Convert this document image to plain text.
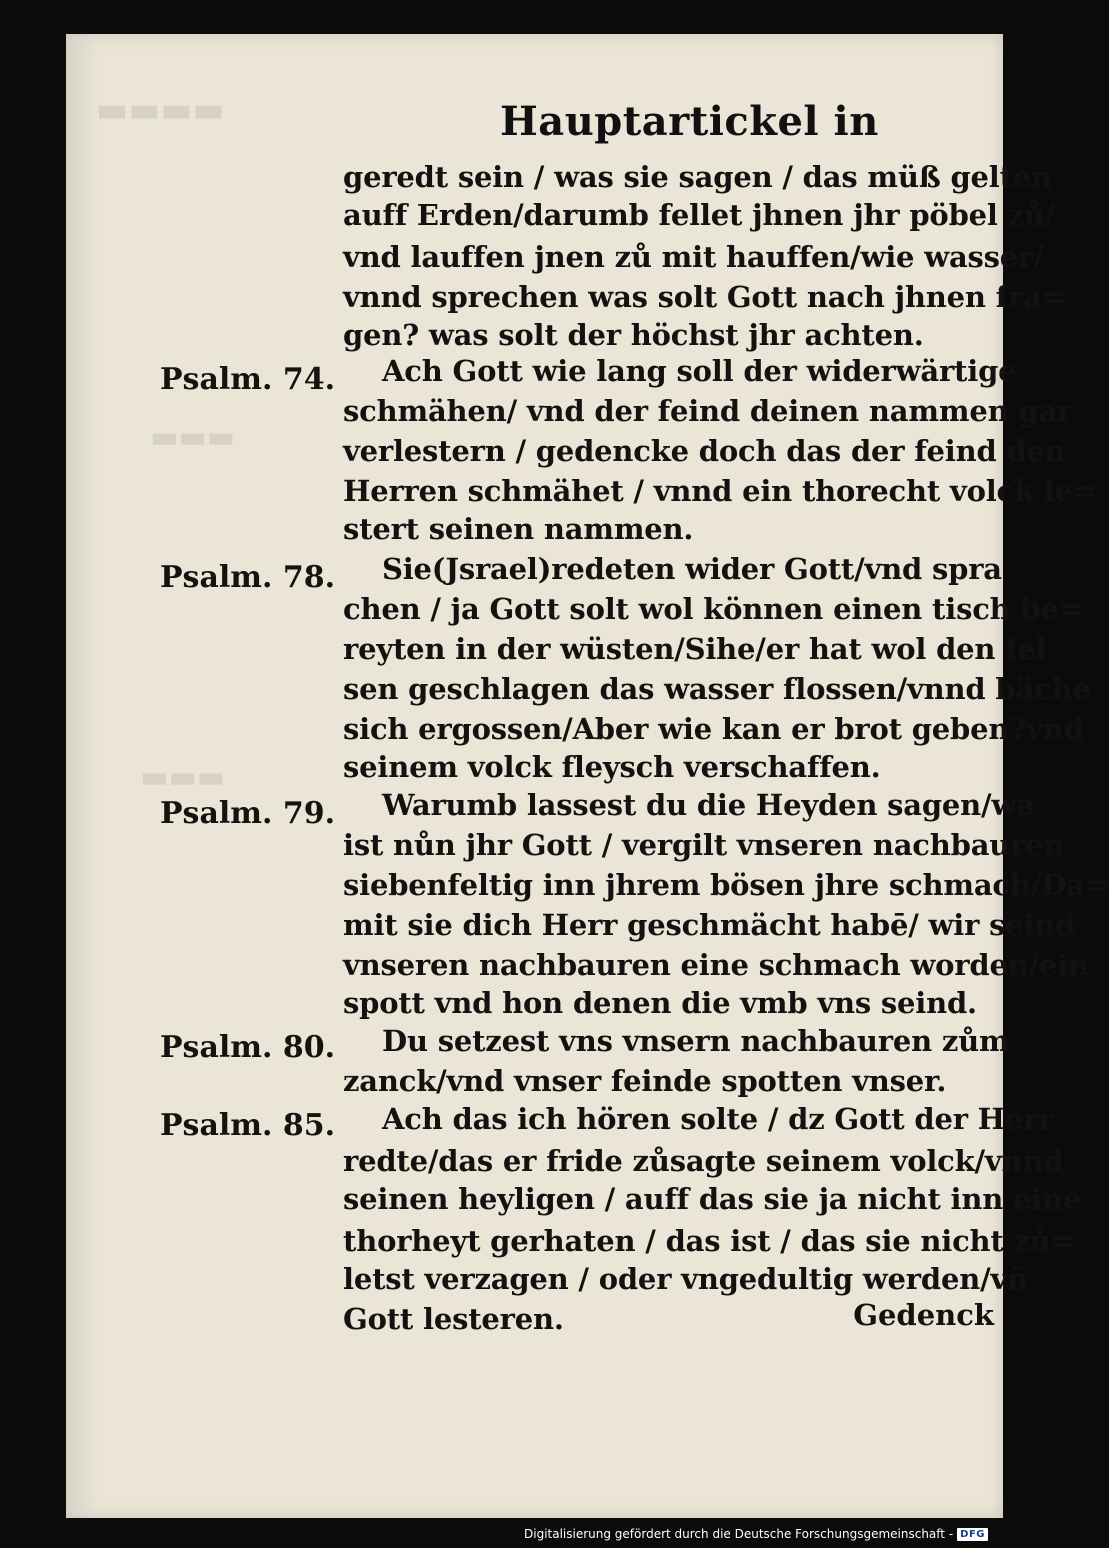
▬▬▬▬
▬▬▬
▬▬▬
Hauptartickel in
geredt sein / was sie sagen / das müß gelten
auff Erden/darumb fellet jhnen jhr pöbel zů/
vnd lauffen jnen zů mit hauffen/wie wasser/
vnnd sprechen was solt Gott nach jhnen fra=
gen? was solt der höchst jhr achten.
Psalm. 74. Ach Gott wie lang soll der widerwärtige
schmähen/ vnd der feind deinen nammen gar
verlestern / gedencke doch das der feind den
Herren schmähet / vnnd ein thorecht volck le=
stert seinen nammen.
Psalm. 78. Sie(Jsrael)redeten wider Gott/vnd spra
chen / ja Gott solt wol können einen tisch be=
reyten in der wüsten/Sihe/er hat wol den fel
sen geschlagen das wasser flossen/vnnd bäche
sich ergossen/Aber wie kan er brot geben?vnd
seinem volck fleysch verschaffen.
Psalm. 79. Warumb lassest du die Heyden sagen/wa
ist nůn jhr Gott / vergilt vnseren nachbauren
siebenfeltig inn jhrem bösen jhre schmach/Da=
mit sie dich Herr geschmächt habē/ wir seind
vnseren nachbauren eine schmach worden/ein
spott vnd hon denen die vmb vns seind.
Psalm. 80. Du setzest vns vnsern nachbauren zům
zanck/vnd vnser feinde spotten vnser.
Psalm. 85. Ach das ich hören solte / dz Gott der Herr
redte/das er fride zůsagte seinem volck/vnnd
seinen heyligen / auff das sie ja nicht inn eine
thorheyt gerhaten / das ist / das sie nicht zů=
letst verzagen / oder vngedultig werden/vñ
Gott lesteren.	Gedenck
Digitalisierung gefördert durch die Deutsche Forschungsgemeinschaft - DFG
